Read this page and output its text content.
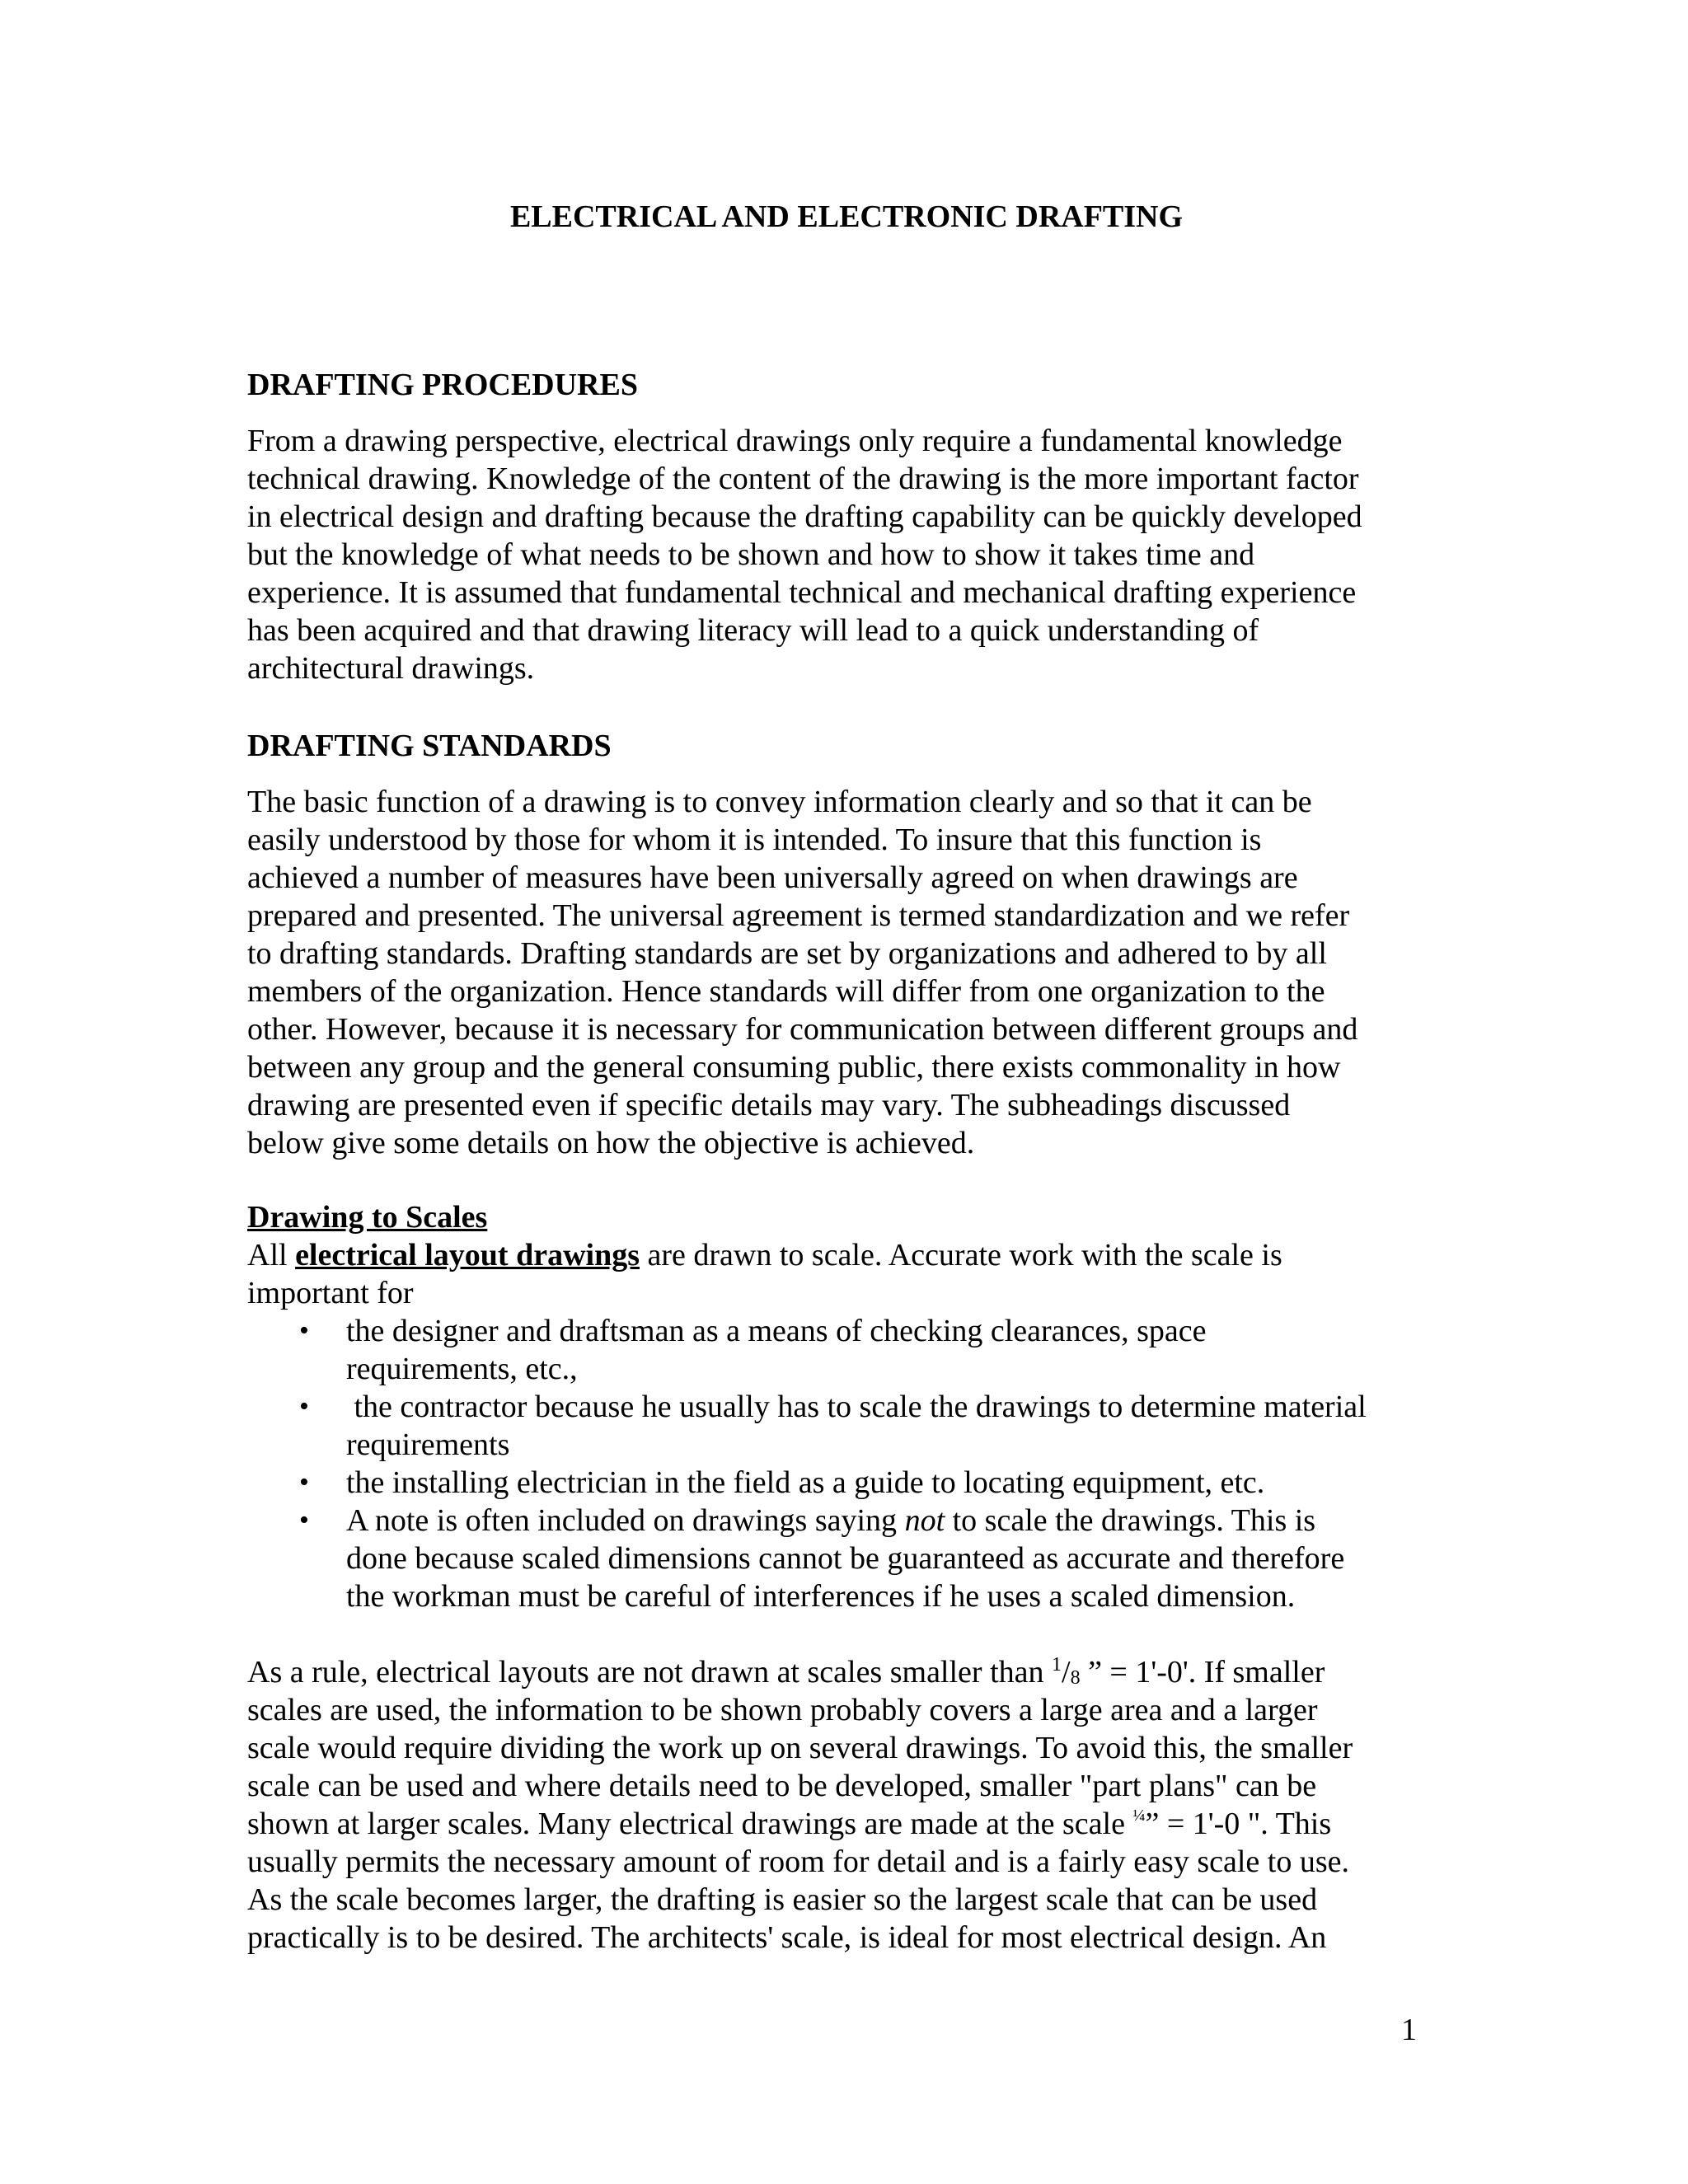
ELECTRICAL AND ELECTRONIC DRAFTING
DRAFTING PROCEDURES
From a drawing perspective, electrical drawings only require a fundamental knowledge
technical drawing. Knowledge of the content of the drawing is the more important factor
in electrical design and drafting because the drafting capability can be quickly developed
but the knowledge of what needs to be shown and how to show it takes time and
experience. It is assumed that fundamental technical and mechanical drafting experience
has been acquired and that drawing literacy will lead to a quick understanding of
architectural drawings.
DRAFTING STANDARDS
The basic function of a drawing is to convey information clearly and so that it can be
easily understood by those for whom it is intended. To insure that this function is
achieved a number of measures have been universally agreed on when drawings are
prepared and presented. The universal agreement is termed standardization and we refer
to drafting standards. Drafting standards are set by organizations and adhered to by all
members of the organization. Hence standards will differ from one organization to the
other. However, because it is necessary for communication between different groups and
between any group and the general consuming public, there exists commonality in how
drawing are presented even if specific details may vary. The subheadings discussed
below give some details on how the objective is achieved.
Drawing to Scales
All electrical layout drawings are drawn to scale. Accurate work with the scale is
important for
• the designer and draftsman as a means of checking clearances, space
requirements, etc.,
• the contractor because he usually has to scale the drawings to determine material
requirements
• the installing electrician in the field as a guide to locating equipment, etc.
• A note is often included on drawings saying not to scale the drawings. This is
done because scaled dimensions cannot be guaranteed as accurate and therefore
the workman must be careful of interferences if he uses a scaled dimension.
As a rule, electrical layouts are not drawn at scales smaller than $^1/_8$ ” = 1'-0'. If smaller
scales are used, the information to be shown probably covers a large area and a larger
scale would require dividing the work up on several drawings. To avoid this, the smaller
scale can be used and where details need to be developed, smaller "part plans" can be
shown at larger scales. Many electrical drawings are made at the scale $^{\frac{1}{4}}$” = 1'-0 ". This
usually permits the necessary amount of room for detail and is a fairly easy scale to use.
As the scale becomes larger, the drafting is easier so the largest scale that can be used
practically is to be desired. The architects' scale, is ideal for most electrical design. An
1
